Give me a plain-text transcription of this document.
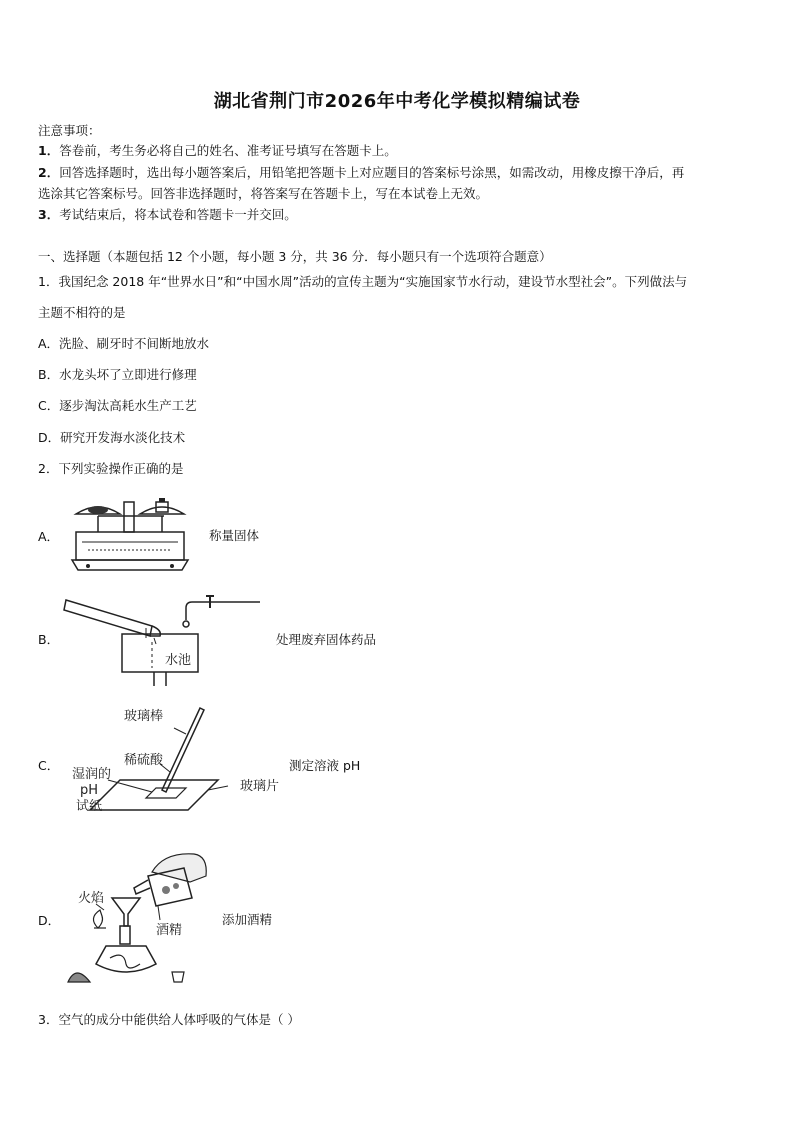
湖北省荆门市2026年中考化学模拟精编试卷
注意事项：
1．答卷前，考生务必将自己的姓名、准考证号填写在答题卡上。
2．回答选择题时，选出每小题答案后，用铅笔把答题卡上对应题目的答案标号涂黑，如需改动，用橡皮擦干净后，再
选涂其它答案标号。回答非选择题时，将答案写在答题卡上，写在本试卷上无效。
3．考试结束后，将本试卷和答题卡一并交回。
一、选择题（本题包括 12 个小题，每小题 3 分，共 36 分．每小题只有一个选项符合题意）
1．我国纪念 2018 年“世界水日”和“中国水周”活动的宣传主题为“实施国家节水行动，建设节水型社会”。下列做法与
主题不相符的是
A．洗脸、刷牙时不间断地放水
B．水龙头坏了立即进行修理
C．逐步淘汰高耗水生产工艺
D．研究开发海水淡化技术
2．下列实验操作正确的是
A．	称量固体
B．
水池
处理废弃固体药品
C．
玻璃棒
稀硫酸
湿润的
pH
试纸
玻璃片
测定溶液 pH
D．
火焰
酒精
添加酒精
3．空气的成分中能供给人体呼吸的气体是（ ）
